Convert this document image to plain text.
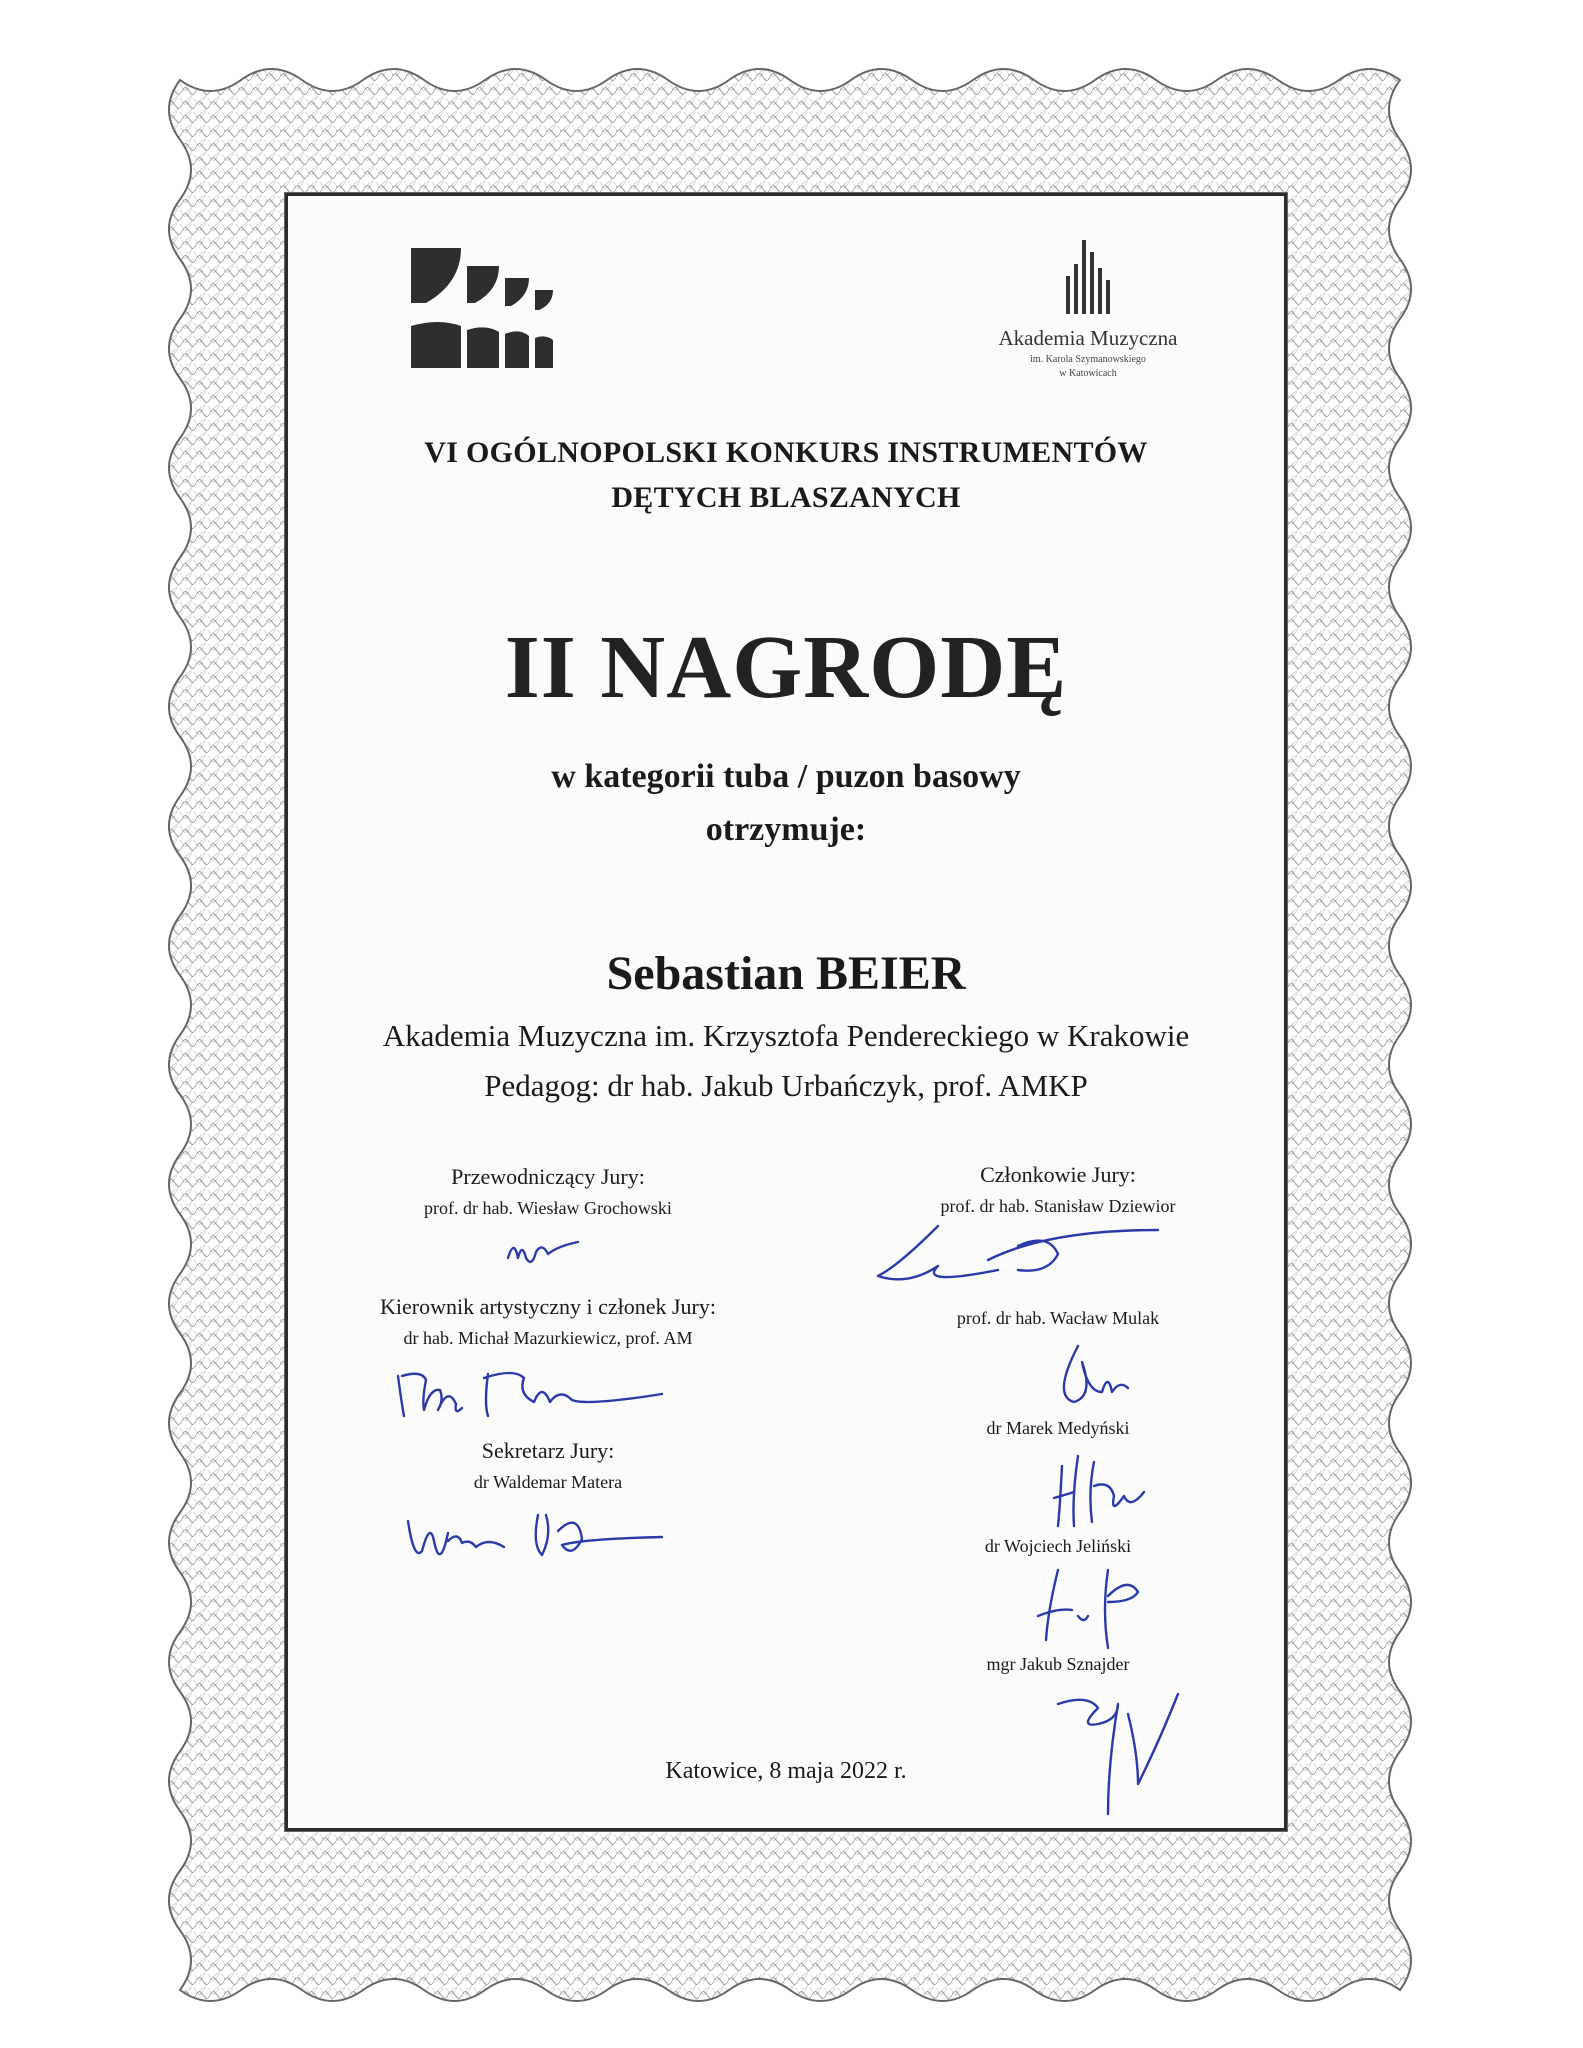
Akademia Muzyczna
im. Karola Szymanowskiego
w Katowicach
VI OGÓLNOPOLSKI KONKURS INSTRUMENTÓW
DĘTYCH BLASZANYCH
II NAGRODĘ
w kategorii tuba / puzon basowy
otrzymuje:
Sebastian BEIER
Akademia Muzyczna im. Krzysztofa Pendereckiego w Krakowie
Pedagog: dr hab. Jakub Urbańczyk, prof. AMKP
Przewodniczący Jury:
prof. dr hab. Wiesław Grochowski
Kierownik artystyczny i członek Jury:
dr hab. Michał Mazurkiewicz, prof. AM
Sekretarz Jury:
dr Waldemar Matera
Członkowie Jury:
prof. dr hab. Stanisław Dziewior
prof. dr hab. Wacław Mulak
dr Marek Medyński
dr Wojciech Jeliński
mgr Jakub Sznajder
Katowice, 8 maja 2022 r.
